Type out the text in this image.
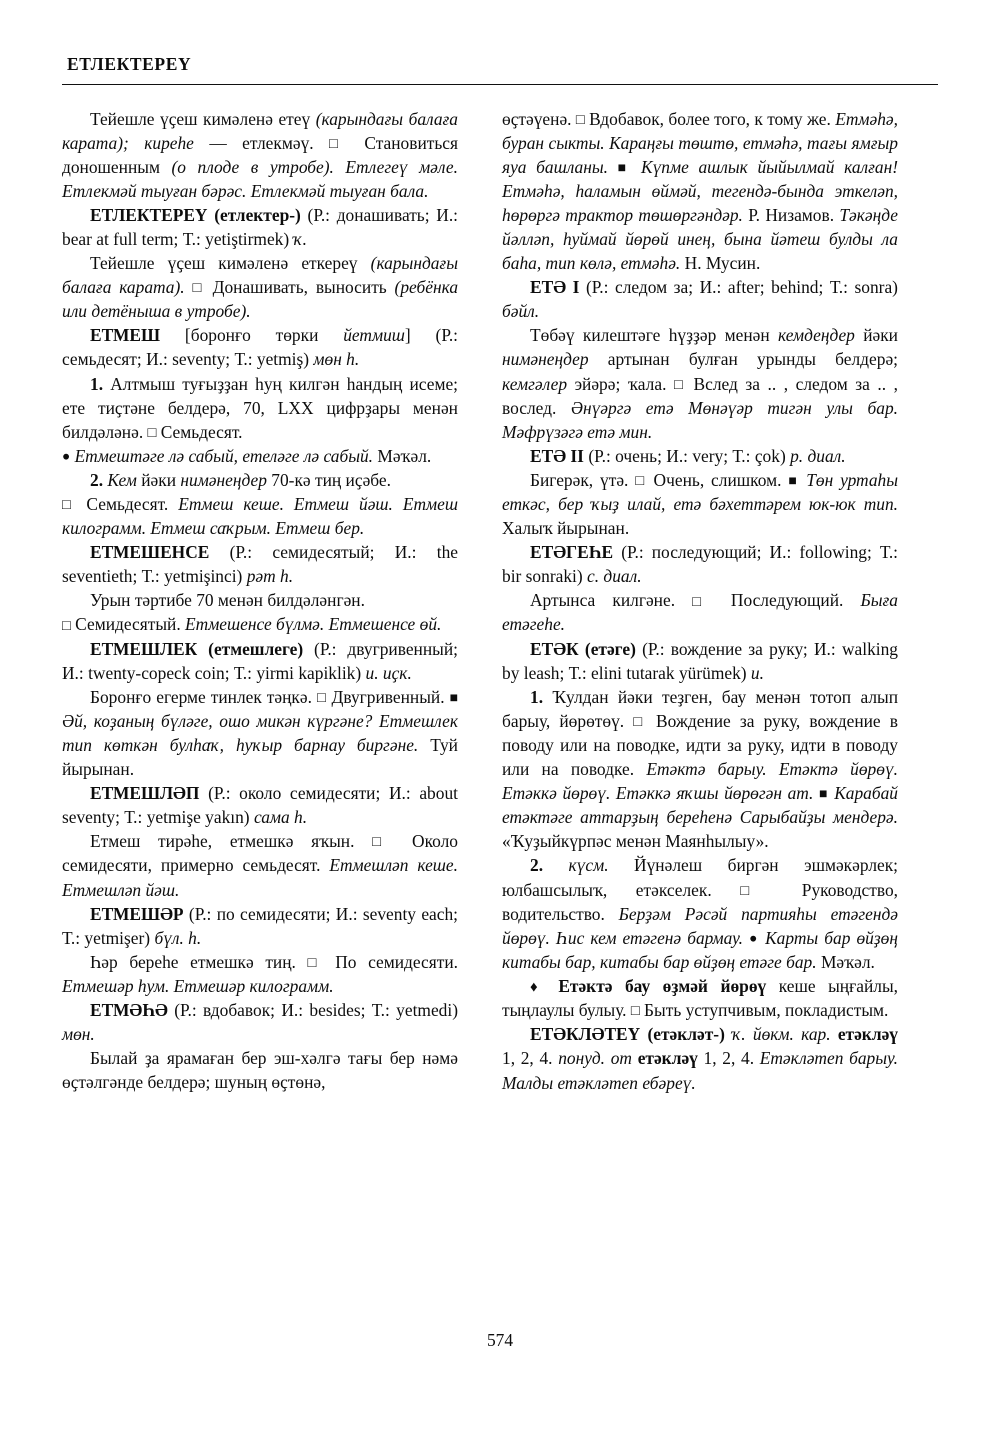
ЕТЛЕКТЕРЕҮ

Тейешле үҫеш кимәленә етеү (карындағы балаға карата); кирehe — етлекмәү. □ Становиться доношенным (о плоде в утробе). Етлегеү мәле. Етлекмәй тыуған бәрәс. Етлекмәй тыуған бала.

ЕТЛЕКТЕРЕҮ (етлектер-) (Р.: донашивать; И.: bear at full term; Т.: yetiştirmek) ҡ.

Тейешле үҫеш кимәленә еткереү (карындағы балаға карата). □ Донашивать, выносить (ребёнка или детёныша в утробе).

ЕТМЕШ [боронғо төрки йетмиш] (Р.: семьдесят; И.: seventy; Т.: yetmiş) мөн һ.

1. Алтмыш туғыҙҙан һуң килгән һандың исеме; ете тиҫтәне белдерә, 70, LXX цифрҙары менән билдәләнә. □ Семьдесят.

● Етмештәге лә сабый, етеләге лә сабый. Мәҡәл.

2. Кем йәки нимәнеңдер 70-кә тиң иҫәбе.
□ Семьдесят. Етмеш кеше. Етмеш йәш. Етмеш килограмм. Етмеш саҡрым. Етмеш бер.

ЕТМЕШЕНСЕ (Р.: семидесятый; И.: the seventieth; Т.: yetmişinci) рәт һ.

Урын тәртибе 70 менән билдәләнгән.
□ Семидесятый. Етмешенсе бүлмә. Етмешенсе өй.

ЕТМЕШЛЕК (етмешлеге) (Р.: двугривенный; И.: twenty-copeck coin; Т.: yirmi kapiklik) и. иҫк.

Боронғо егерме тинлек тәңкә. □ Двугривенный. ■ Әй, коҙаның бүләге, ошо микән күргәне? Етмешлек тип көткән булһаҡ, һуҡыр барнау биргәне. Туй йырынан.

ЕТМЕШЛӘП (Р.: около семидесяти; И.: about seventy; Т.: yetmişe yakın) сама һ.

Етмеш тирәһе, етмешкә яҡын. □ Около семидесяти, примерно семьдесят. Етмешләп кеше. Етмешләп йәш.

ЕТМЕШӘР (Р.: по семидесяти; И.: seventy each; Т.: yetmişer) бүл. һ.

Һәр береһе етмешкә тиң. □ По семидесяти. Етмешәр һум. Етмешәр килограмм.

ЕТМӘҺӘ (Р.: вдобавок; И.: besides; Т.: yetmedi) мөн.

Былай ҙа ярамаған бер эш-хәлгә тағы бер нәмә өҫтәлгәнде белдерә; шуның өҫтөнә,

өҫтәүенә. □ Вдобавок, более того, к тому же. Етмәһә, буран сыкты. Караңғы төштө, етмәһә, тағы ямғыр яуа башланы. ■ Күпме ашлык йыйылмай калған! Етмәһә, һаламын өймәй, тегендә-бында эткеләп, һөрөргә трактор төшөргәндәр. Р. Низамов. Тәкәңде йәлләп, һуймай йөрөй инең, бына йәтеш булды ла баһа, тип көлә, етмәһә. Н. Мусин.

ЕТӘ I (Р.: следом за; И.: after; behind; Т.: sonra) бәйл.

Төбәү килештәге һүҙҙәр менән кемдеңдер йәки нимәнеңдер артынан булған урынды белдерә; кемгәлер эйәрә; ҡала. □ Вслед за .. , следом за .. , вослед. Әнүәргә етә Мөнәүәр тигән улы бар. Мәфрүзәгә етә мин.

ЕТӘ II (Р.: очень; И.: very; Т.: çok) р. диал.

Бигерәк, үтә. □ Очень, слишком. ■ Төн уртаһы еткәс, бер ҡыҙ илай, етә бәхеттәрем юк-юк тип. Халыҡ йырынан.

ЕТӘГЕҺЕ (Р.: последующий; И.: following; Т.: bir sonraki) с. диал.

Артынса килгәне. □ Последующий. Быға етәгеhe.

ЕТӘК (етәге) (Р.: вождение за руку; И.: walking by leash; Т.: elini tutarak yürümek) и.

1. Ҡулдан йәки теҙген, бау менән тотоп алып барыу, йөрөтөү. □ Вождение за руку, вождение в поводу или на поводке, идти за руку, идти в поводу или на поводке. Етәктә барыу. Етәктә йөрөү. Етәккә йөрөү. Етәккә яҡшы йөрөгән ат. ■ Карабай етәктәге аттарҙың береһенә Сарыбайҙы мендерә. «Ҡуҙыйкүрпәс менән Маянһылыу».

2. күсм. Йүнәлеш биргән эшмәкәрлек; юлбашсылыҡ, етәкселек. □ Руководство, водительство. Берҙәм Рәсәй партияһы етәгендә йөрөү. Һис кем етәгенә бармау. ● Карты бар өйҙөң китабы бар, китабы бар өйҙөң етәге бар. Мәҡәл.

♦ Етәктә бау өҙмәй йөрөү кеше ыңғайлы, тыңлаулы булыу. □ Быть уступчивым, покладистым.

ЕТӘКЛӘТЕҮ (етәкләт-) ҡ. йөкм. кар. етәкләү 1, 2, 4. понуд. от етәкләү 1, 2, 4. Етәкләтеп барыу. Малды етәкләтеп ебәреү.

574
